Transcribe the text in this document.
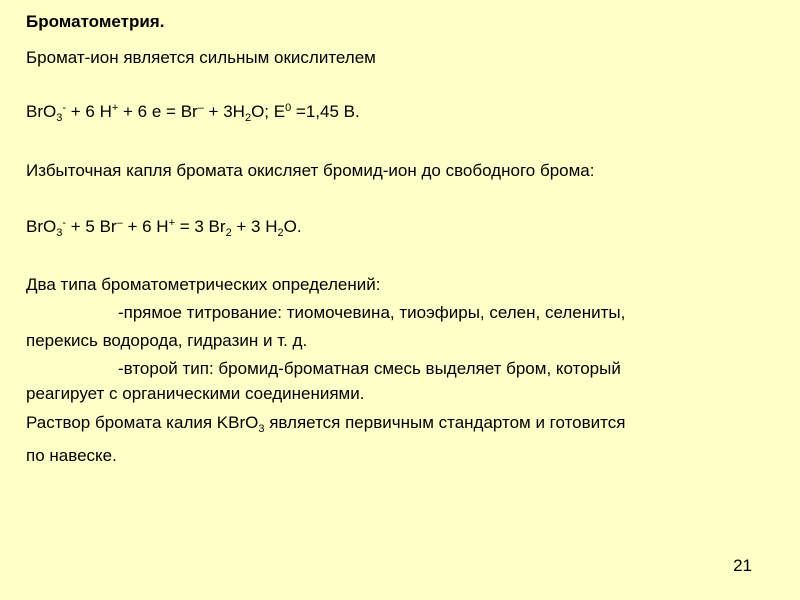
Броматометрия.
Бромат-ион является сильным окислителем
BrO$_3$- + 6 H+ + 6 $e = Br^- + 3H_2O$; $E^0 =1,45$ В.
Избыточная капля бромата окисляет бромид-ион до свободного брома:
BrO$_3$- + 5 Br– + 6 H+ = 3 $Br_2 + 3$ $H_2O$.
Два типа броматометрических определений:
-прямое титрование: тиомочевина, тиоэфиры, селен, селениты,
перекись водорода, гидразин и т. д.
-второй тип: бромид-броматная смесь выделяет бром, который
реагирует с органическими соединениями.
Раствор бромата калия KBrO$_3$ является первичным стандартом и готовится
по навеске.
21
